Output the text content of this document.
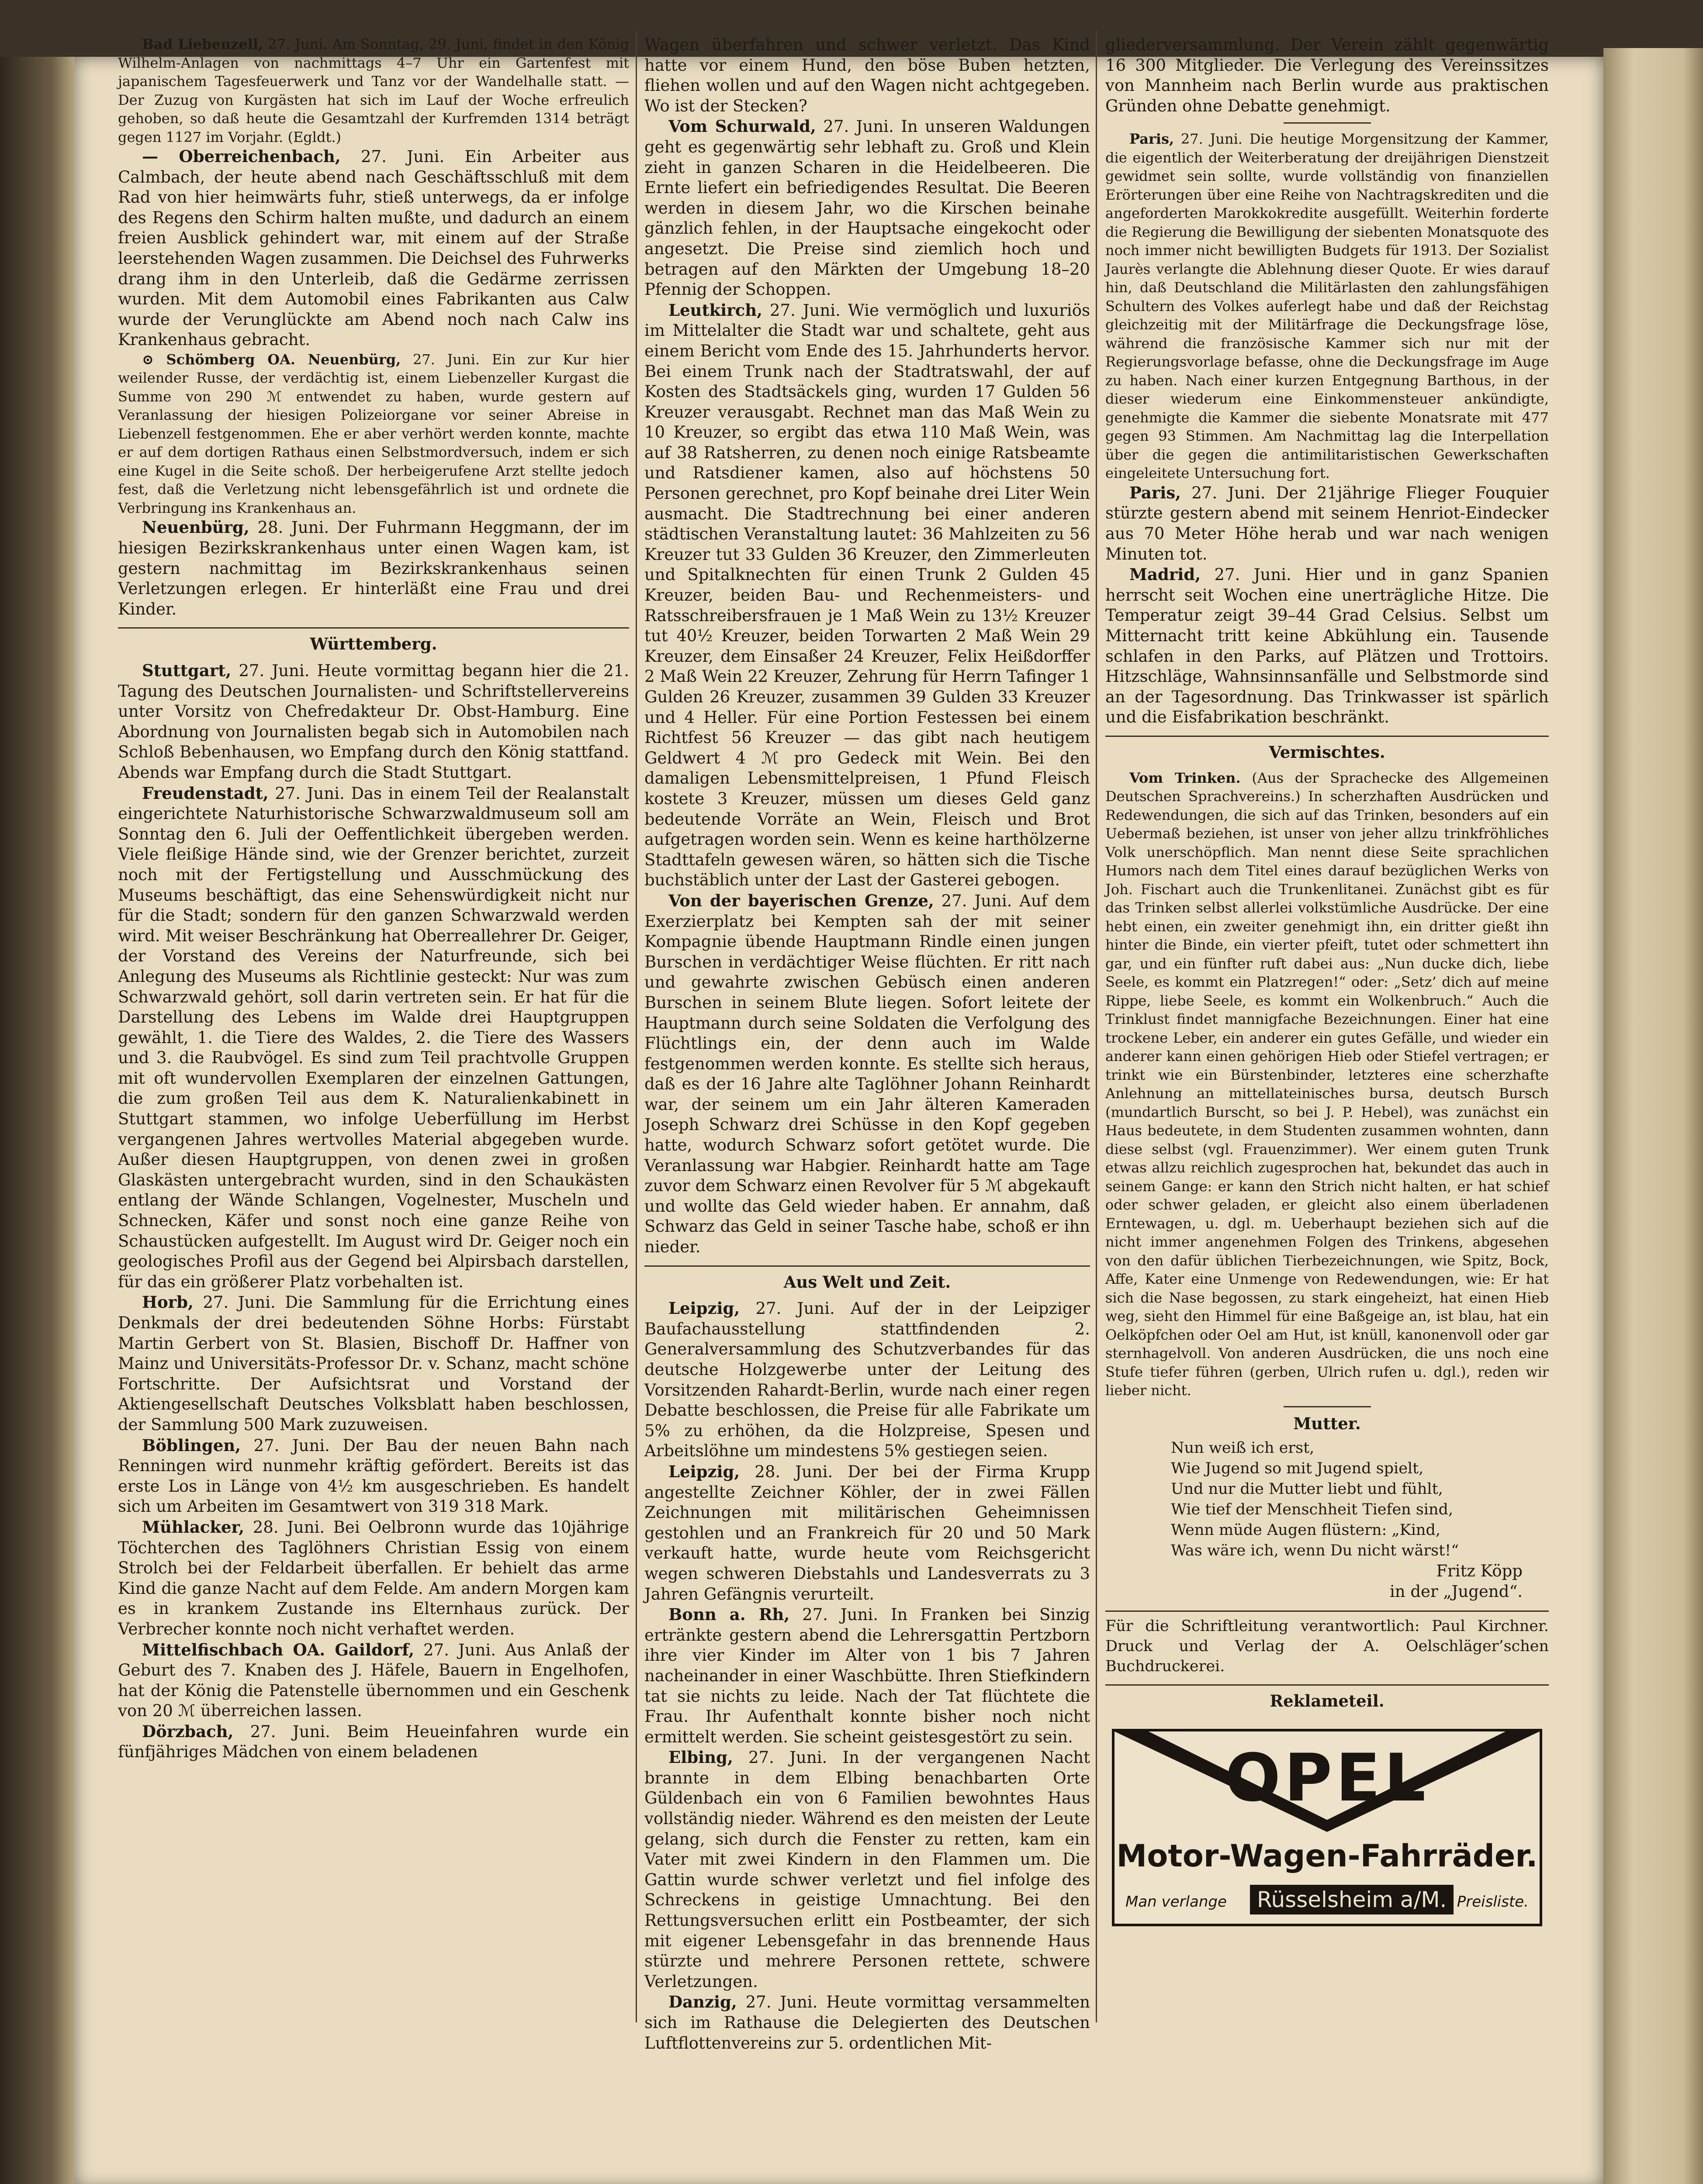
Bad Liebenzell, 27. Juni. Am Sonntag, 29. Juni, findet in den König Wilhelm-Anlagen von nachmittags 4–7 Uhr ein Gartenfest mit japanischem Tagesfeuerwerk und Tanz vor der Wandelhalle statt. — Der Zuzug von Kurgästen hat sich im Lauf der Woche erfreulich gehoben, so daß heute die Gesamtzahl der Kurfremden 1314 beträgt gegen 1127 im Vorjahr. (Egldt.)

— Oberreichenbach, 27. Juni. Ein Arbeiter aus Calmbach, der heute abend nach Geschäftsschluß mit dem Rad von hier heimwärts fuhr, stieß unterwegs, da er infolge des Regens den Schirm halten mußte, und dadurch an einem freien Ausblick gehindert war, mit einem auf der Straße leerstehenden Wagen zusammen. Die Deichsel des Fuhrwerks drang ihm in den Unterleib, daß die Gedärme zerrissen wurden. Mit dem Automobil eines Fabrikanten aus Calw wurde der Verunglückte am Abend noch nach Calw ins Krankenhaus gebracht.

⊙ Schömberg OA. Neuenbürg, 27. Juni. Ein zur Kur hier weilender Russe, der verdächtig ist, einem Liebenzeller Kurgast die Summe von 290 ℳ entwendet zu haben, wurde gestern auf Veranlassung der hiesigen Polizeiorgane vor seiner Abreise in Liebenzell festgenommen. Ehe er aber verhört werden konnte, machte er auf dem dortigen Rathaus einen Selbstmordversuch, indem er sich eine Kugel in die Seite schoß. Der herbeigerufene Arzt stellte jedoch fest, daß die Verletzung nicht lebensgefährlich ist und ordnete die Verbringung ins Krankenhaus an.

Neuenbürg, 28. Juni. Der Fuhrmann Heggmann, der im hiesigen Bezirkskrankenhaus unter einen Wagen kam, ist gestern nachmittag im Bezirkskrankenhaus seinen Verletzungen erlegen. Er hinterläßt eine Frau und drei Kinder.

Württemberg.

Stuttgart, 27. Juni. Heute vormittag begann hier die 21. Tagung des Deutschen Journalisten- und Schriftstellervereins unter Vorsitz von Chefredakteur Dr. Obst-Hamburg. Eine Abordnung von Journalisten begab sich in Automobilen nach Schloß Bebenhausen, wo Empfang durch den König stattfand. Abends war Empfang durch die Stadt Stuttgart.

Freudenstadt, 27. Juni. Das in einem Teil der Realanstalt eingerichtete Naturhistorische Schwarzwaldmuseum soll am Sonntag den 6. Juli der Oeffentlichkeit übergeben werden. Viele fleißige Hände sind, wie der Grenzer berichtet, zurzeit noch mit der Fertigstellung und Ausschmückung des Museums beschäftigt, das eine Sehenswürdigkeit nicht nur für die Stadt; sondern für den ganzen Schwarzwald werden wird. Mit weiser Beschränkung hat Oberreallehrer Dr. Geiger, der Vorstand des Vereins der Naturfreunde, sich bei Anlegung des Museums als Richtlinie gesteckt: Nur was zum Schwarzwald gehört, soll darin vertreten sein. Er hat für die Darstellung des Lebens im Walde drei Hauptgruppen gewählt, 1. die Tiere des Waldes, 2. die Tiere des Wassers und 3. die Raubvögel. Es sind zum Teil prachtvolle Gruppen mit oft wundervollen Exemplaren der einzelnen Gattungen, die zum großen Teil aus dem K. Naturalienkabinett in Stuttgart stammen, wo infolge Ueberfüllung im Herbst vergangenen Jahres wertvolles Material abgegeben wurde. Außer diesen Hauptgruppen, von denen zwei in großen Glaskästen untergebracht wurden, sind in den Schaukästen entlang der Wände Schlangen, Vogelnester, Muscheln und Schnecken, Käfer und sonst noch eine ganze Reihe von Schaustücken aufgestellt. Im August wird Dr. Geiger noch ein geologisches Profil aus der Gegend bei Alpirsbach darstellen, für das ein größerer Platz vorbehalten ist.

Horb, 27. Juni. Die Sammlung für die Errichtung eines Denkmals der drei bedeutenden Söhne Horbs: Fürstabt Martin Gerbert von St. Blasien, Bischoff Dr. Haffner von Mainz und Universitäts-Professor Dr. v. Schanz, macht schöne Fortschritte. Der Aufsichtsrat und Vorstand der Aktiengesellschaft Deutsches Volksblatt haben beschlossen, der Sammlung 500 Mark zuzuweisen.

Böblingen, 27. Juni. Der Bau der neuen Bahn nach Renningen wird nunmehr kräftig gefördert. Bereits ist das erste Los in Länge von 4½ km ausgeschrieben. Es handelt sich um Arbeiten im Gesamtwert von 319 318 Mark.

Mühlacker, 28. Juni. Bei Oelbronn wurde das 10jährige Töchterchen des Taglöhners Christian Essig von einem Strolch bei der Feldarbeit überfallen. Er behielt das arme Kind die ganze Nacht auf dem Felde. Am andern Morgen kam es in krankem Zustande ins Elternhaus zurück. Der Verbrecher konnte noch nicht verhaftet werden.

Mittelfischbach OA. Gaildorf, 27. Juni. Aus Anlaß der Geburt des 7. Knaben des J. Häfele, Bauern in Engelhofen, hat der König die Patenstelle übernommen und ein Geschenk von 20 ℳ überreichen lassen.

Dörzbach, 27. Juni. Beim Heueinfahren wurde ein fünfjähriges Mädchen von einem beladenen

Wagen überfahren und schwer verletzt. Das Kind hatte vor einem Hund, den böse Buben hetzten, fliehen wollen und auf den Wagen nicht achtgegeben. Wo ist der Stecken?

Vom Schurwald, 27. Juni. In unseren Waldungen geht es gegenwärtig sehr lebhaft zu. Groß und Klein zieht in ganzen Scharen in die Heidelbeeren. Die Ernte liefert ein befriedigendes Resultat. Die Beeren werden in diesem Jahr, wo die Kirschen beinahe gänzlich fehlen, in der Hauptsache eingekocht oder angesetzt. Die Preise sind ziemlich hoch und betragen auf den Märkten der Umgebung 18–20 Pfennig der Schoppen.

Leutkirch, 27. Juni. Wie vermöglich und luxuriös im Mittelalter die Stadt war und schaltete, geht aus einem Bericht vom Ende des 15. Jahrhunderts hervor. Bei einem Trunk nach der Stadtratswahl, der auf Kosten des Stadtsäckels ging, wurden 17 Gulden 56 Kreuzer verausgabt. Rechnet man das Maß Wein zu 10 Kreuzer, so ergibt das etwa 110 Maß Wein, was auf 38 Ratsherren, zu denen noch einige Ratsbeamte und Ratsdiener kamen, also auf höchstens 50 Personen gerechnet, pro Kopf beinahe drei Liter Wein ausmacht. Die Stadtrechnung bei einer anderen städtischen Veranstaltung lautet: 36 Mahlzeiten zu 56 Kreuzer tut 33 Gulden 36 Kreuzer, den Zimmerleuten und Spitalknechten für einen Trunk 2 Gulden 45 Kreuzer, beiden Bau- und Rechenmeisters- und Ratsschreibersfrauen je 1 Maß Wein zu 13½ Kreuzer tut 40½ Kreuzer, beiden Torwarten 2 Maß Wein 29 Kreuzer, dem Einsaßer 24 Kreuzer, Felix Heißdorffer 2 Maß Wein 22 Kreuzer, Zehrung für Herrn Tafinger 1 Gulden 26 Kreuzer, zusammen 39 Gulden 33 Kreuzer und 4 Heller. Für eine Portion Festessen bei einem Richtfest 56 Kreuzer — das gibt nach heutigem Geldwert 4 ℳ pro Gedeck mit Wein. Bei den damaligen Lebensmittelpreisen, 1 Pfund Fleisch kostete 3 Kreuzer, müssen um dieses Geld ganz bedeutende Vorräte an Wein, Fleisch und Brot aufgetragen worden sein. Wenn es keine harthölzerne Stadttafeln gewesen wären, so hätten sich die Tische buchstäblich unter der Last der Gasterei gebogen.

Von der bayerischen Grenze, 27. Juni. Auf dem Exerzierplatz bei Kempten sah der mit seiner Kompagnie übende Hauptmann Rindle einen jungen Burschen in verdächtiger Weise flüchten. Er ritt nach und gewahrte zwischen Gebüsch einen anderen Burschen in seinem Blute liegen. Sofort leitete der Hauptmann durch seine Soldaten die Verfolgung des Flüchtlings ein, der denn auch im Walde festgenommen werden konnte. Es stellte sich heraus, daß es der 16 Jahre alte Taglöhner Johann Reinhardt war, der seinem um ein Jahr älteren Kameraden Joseph Schwarz drei Schüsse in den Kopf gegeben hatte, wodurch Schwarz sofort getötet wurde. Die Veranlassung war Habgier. Reinhardt hatte am Tage zuvor dem Schwarz einen Revolver für 5 ℳ abgekauft und wollte das Geld wieder haben. Er annahm, daß Schwarz das Geld in seiner Tasche habe, schoß er ihn nieder.

Aus Welt und Zeit.

Leipzig, 27. Juni. Auf der in der Leipziger Baufachausstellung stattfindenden 2. Generalversammlung des Schutzverbandes für das deutsche Holzgewerbe unter der Leitung des Vorsitzenden Rahardt-Berlin, wurde nach einer regen Debatte beschlossen, die Preise für alle Fabrikate um 5% zu erhöhen, da die Holzpreise, Spesen und Arbeitslöhne um mindestens 5% gestiegen seien.

Leipzig, 28. Juni. Der bei der Firma Krupp angestellte Zeichner Köhler, der in zwei Fällen Zeichnungen mit militärischen Geheimnissen gestohlen und an Frankreich für 20 und 50 Mark verkauft hatte, wurde heute vom Reichsgericht wegen schweren Diebstahls und Landesverrats zu 3 Jahren Gefängnis verurteilt.

Bonn a. Rh, 27. Juni. In Franken bei Sinzig ertränkte gestern abend die Lehrersgattin Pertzborn ihre vier Kinder im Alter von 1 bis 7 Jahren nacheinander in einer Waschbütte. Ihren Stiefkindern tat sie nichts zu leide. Nach der Tat flüchtete die Frau. Ihr Aufenthalt konnte bisher noch nicht ermittelt werden. Sie scheint geistesgestört zu sein.

Elbing, 27. Juni. In der vergangenen Nacht brannte in dem Elbing benachbarten Orte Güldenbach ein von 6 Familien bewohntes Haus vollständig nieder. Während es den meisten der Leute gelang, sich durch die Fenster zu retten, kam ein Vater mit zwei Kindern in den Flammen um. Die Gattin wurde schwer verletzt und fiel infolge des Schreckens in geistige Umnachtung. Bei den Rettungsversuchen erlitt ein Postbeamter, der sich mit eigener Lebensgefahr in das brennende Haus stürzte und mehrere Personen rettete, schwere Verletzungen.

Danzig, 27. Juni. Heute vormittag versammelten sich im Rathause die Delegierten des Deutschen Luftflottenvereins zur 5. ordentlichen Mit-

gliederversammlung. Der Verein zählt gegenwärtig 16 300 Mitglieder. Die Verlegung des Vereinssitzes von Mannheim nach Berlin wurde aus praktischen Gründen ohne Debatte genehmigt.

Paris, 27. Juni. Die heutige Morgensitzung der Kammer, die eigentlich der Weiterberatung der dreijährigen Dienstzeit gewidmet sein sollte, wurde vollständig von finanziellen Erörterungen über eine Reihe von Nachtragskrediten und die angeforderten Marokkokredite ausgefüllt. Weiterhin forderte die Regierung die Bewilligung der siebenten Monatsquote des noch immer nicht bewilligten Budgets für 1913. Der Sozialist Jaurès verlangte die Ablehnung dieser Quote. Er wies darauf hin, daß Deutschland die Militärlasten den zahlungsfähigen Schultern des Volkes auferlegt habe und daß der Reichstag gleichzeitig mit der Militärfrage die Deckungsfrage löse, während die französische Kammer sich nur mit der Regierungsvorlage befasse, ohne die Deckungsfrage im Auge zu haben. Nach einer kurzen Entgegnung Barthous, in der dieser wiederum eine Einkommensteuer ankündigte, genehmigte die Kammer die siebente Monatsrate mit 477 gegen 93 Stimmen. Am Nachmittag lag die Interpellation über die gegen die antimilitaristischen Gewerkschaften eingeleitete Untersuchung fort.

Paris, 27. Juni. Der 21jährige Flieger Fouquier stürzte gestern abend mit seinem Henriot-Eindecker aus 70 Meter Höhe herab und war nach wenigen Minuten tot.

Madrid, 27. Juni. Hier und in ganz Spanien herrscht seit Wochen eine unerträgliche Hitze. Die Temperatur zeigt 39–44 Grad Celsius. Selbst um Mitternacht tritt keine Abkühlung ein. Tausende schlafen in den Parks, auf Plätzen und Trottoirs. Hitzschläge, Wahnsinnsanfälle und Selbstmorde sind an der Tagesordnung. Das Trinkwasser ist spärlich und die Eisfabrikation beschränkt.

Vermischtes.

Vom Trinken. (Aus der Sprachecke des Allgemeinen Deutschen Sprachvereins.) In scherzhaften Ausdrücken und Redewendungen, die sich auf das Trinken, besonders auf ein Uebermaß beziehen, ist unser von jeher allzu trinkfröhliches Volk unerschöpflich. Man nennt diese Seite sprachlichen Humors nach dem Titel eines darauf bezüglichen Werks von Joh. Fischart auch die Trunkenlitanei. Zunächst gibt es für das Trinken selbst allerlei volkstümliche Ausdrücke. Der eine hebt einen, ein zweiter genehmigt ihn, ein dritter gießt ihn hinter die Binde, ein vierter pfeift, tutet oder schmettert ihn gar, und ein fünfter ruft dabei aus: „Nun ducke dich, liebe Seele, es kommt ein Platzregen!“ oder: „Setz’ dich auf meine Rippe, liebe Seele, es kommt ein Wolkenbruch.“ Auch die Trinklust findet mannigfache Bezeichnungen. Einer hat eine trockene Leber, ein anderer ein gutes Gefälle, und wieder ein anderer kann einen gehörigen Hieb oder Stiefel vertragen; er trinkt wie ein Bürstenbinder, letzteres eine scherzhafte Anlehnung an mittellateinisches bursa, deutsch Bursch (mundartlich Burscht, so bei J. P. Hebel), was zunächst ein Haus bedeutete, in dem Studenten zusammen wohnten, dann diese selbst (vgl. Frauenzimmer). Wer einem guten Trunk etwas allzu reichlich zugesprochen hat, bekundet das auch in seinem Gange: er kann den Strich nicht halten, er hat schief oder schwer geladen, er gleicht also einem überladenen Erntewagen, u. dgl. m. Ueberhaupt beziehen sich auf die nicht immer angenehmen Folgen des Trinkens, abgesehen von den dafür üblichen Tierbezeichnungen, wie Spitz, Bock, Affe, Kater eine Unmenge von Redewendungen, wie: Er hat sich die Nase begossen, zu stark eingeheizt, hat einen Hieb weg, sieht den Himmel für eine Baßgeige an, ist blau, hat ein Oelköpfchen oder Oel am Hut, ist knüll, kanonenvoll oder gar sternhagelvoll. Von anderen Ausdrücken, die uns noch eine Stufe tiefer führen (gerben, Ulrich rufen u. dgl.), reden wir lieber nicht.

Mutter.

Nun weiß ich erst,

Wie Jugend so mit Jugend spielt,

Und nur die Mutter liebt und fühlt,

Wie tief der Menschheit Tiefen sind,

Wenn müde Augen flüstern: „Kind,

Was wäre ich, wenn Du nicht wärst!“

Fritz Köpp

in der „Jugend“.

Für die Schriftleitung verantwortlich: Paul Kirchner. Druck und Verlag der A. Oelschläger’schen Buchdruckerei.

Reklameteil.

OPEL
Motor-Wagen-Fahrräder.
Man verlange	Rüsselsheim a/M. Preisliste.
